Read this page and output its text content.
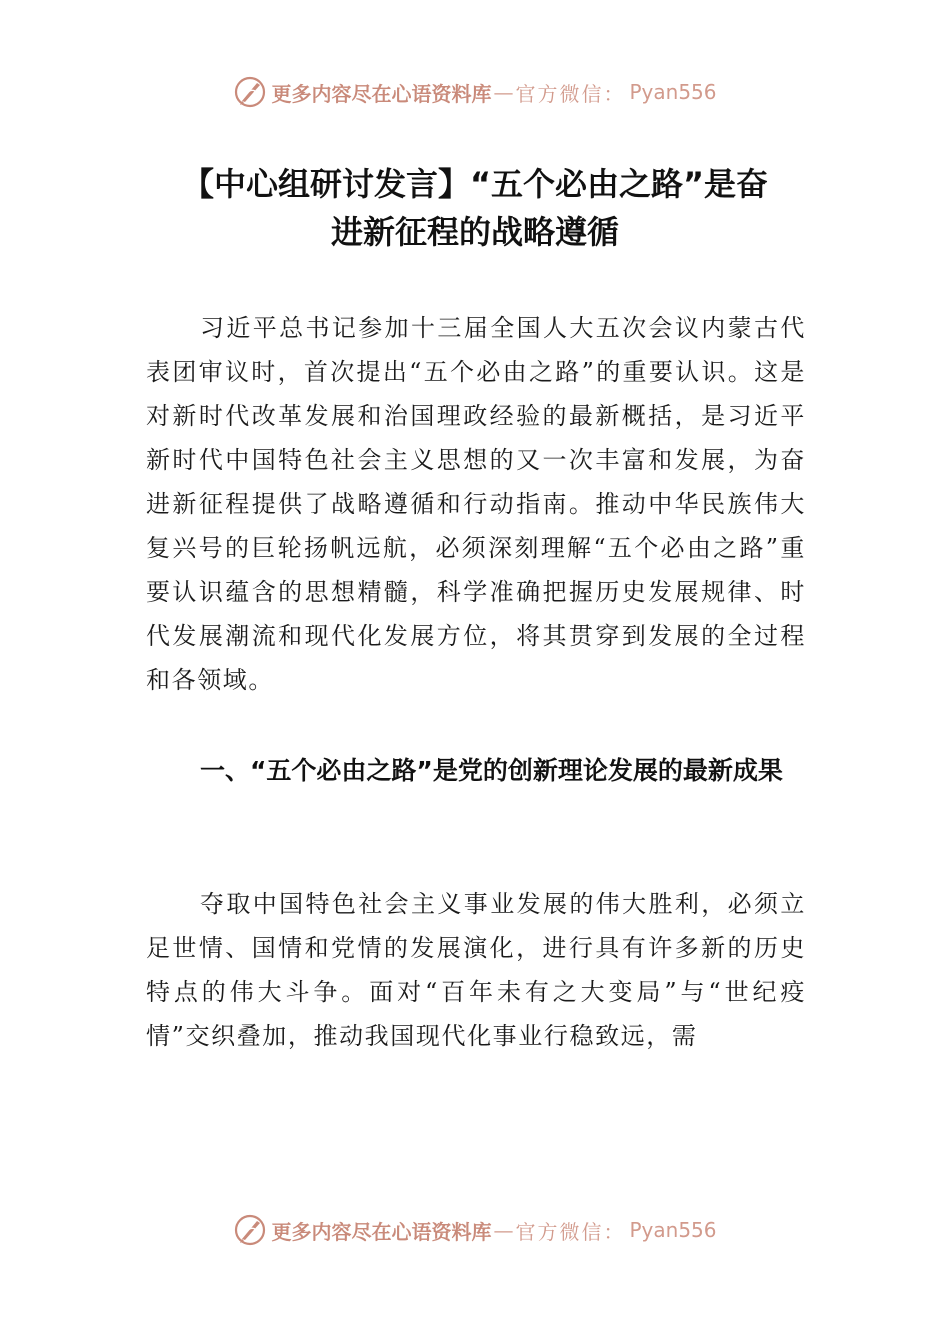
更多内容尽在心语资料库 — 官方微信： Pyan556
【中心组研讨发言】“五个必由之路”是奋
进新征程的战略遵循

习近平总书记参加十三届全国人大五次会议内蒙古代表团审议时，首次提出“五个必由之路”的重要认识。这是对新时代改革发展和治国理政经验的最新概括，是习近平新时代中国特色社会主义思想的又一次丰富和发展，为奋进新征程提供了战略遵循和行动指南。推动中华民族伟大复兴号的巨轮扬帆远航，必须深刻理解“五个必由之路”重要认识蕴含的思想精髓，科学准确把握历史发展规律、时代发展潮流和现代化发展方位，将其贯穿到发展的全过程和各领域。

一、“五个必由之路”是党的创新理论发展的最新成果

夺取中国特色社会主义事业发展的伟大胜利，必须立足世情、国情和党情的发展演化，进行具有许多新的历史特点的伟大斗争。面对“百年未有之大变局”与“世纪疫情”交织叠加，推动我国现代化事业行稳致远，需

更多内容尽在心语资料库 — 官方微信： Pyan556
